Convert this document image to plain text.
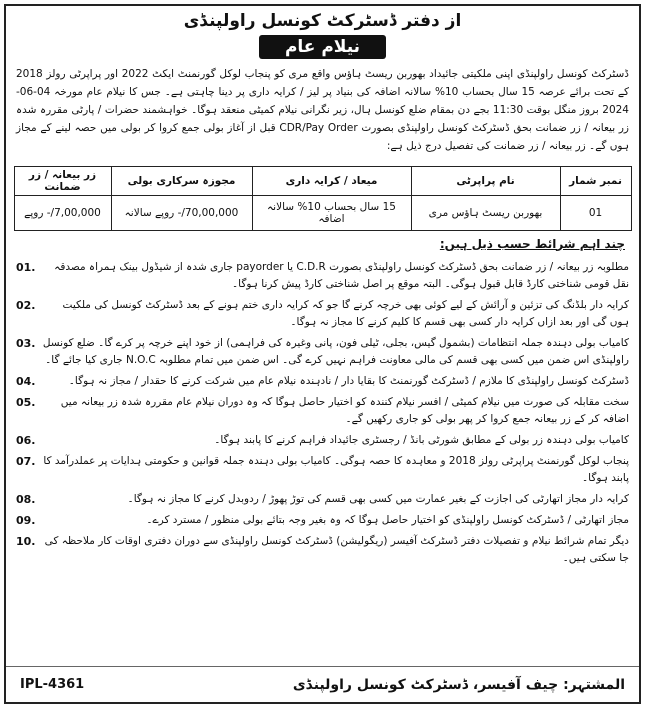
از دفتر ڈسٹرکٹ کونسل راولپنڈی
نیلام عام

ڈسٹرکٹ کونسل راولپنڈی اپنی ملکیتی جائیداد بھوربن ریسٹ ہاؤس واقع مری کو پنجاب لوکل گورنمنٹ ایکٹ 2022 اور پراپرٹی رولز 2018 کے تحت برائے عرصہ 15 سال بحساب 10% سالانہ اضافہ کی بنیاد پر لیز / کرایہ داری پر دینا چاہتی ہے۔ جس کا نیلام عام مورخہ 04-06-2024 بروز منگل بوقت 11:30 بجے دن بمقام ضلع کونسل ہال، زیر نگرانی نیلام کمیٹی منعقد ہوگا۔ خواہشمند حضرات / پارٹی مقررہ شدہ زر بیعانہ / زر ضمانت بحق ڈسٹرکٹ کونسل راولپنڈی بصورت CDR/Pay Order قبل از آغاز بولی جمع کروا کر بولی میں حصہ لینے کے مجاز ہوں گے۔ زر بیعانہ / زر ضمانت کی تفصیل درج ذیل ہے:

نمبر شمار	نام پراپرٹی	میعاد / کرایہ داری	مجوزہ سرکاری بولی	زر بیعانہ / زر ضمانت
01	بھوربن ریسٹ ہاؤس مری	15 سال بحساب 10% سالانہ اضافہ	70,00,000/- روپے سالانہ	7,00,000/- روپے
چند اہم شرائط حسب ذیل ہیں:
01.	مطلوبہ زر بیعانہ / زر ضمانت بحق ڈسٹرکٹ کونسل راولپنڈی بصورت C.D.R یا payorder جاری شدہ از شیڈول بینک ہمراہ مصدقہ نقل قومی شناختی کارڈ قابل قبول ہوگی۔ البتہ موقع پر اصل شناختی کارڈ پیش کرنا ہوگا۔
02.	کرایہ دار بلڈنگ کی تزئین و آرائش کے لیے کوئی بھی خرچہ کرنے گا جو کہ کرایہ داری ختم ہونے کے بعد ڈسٹرکٹ کونسل کی ملکیت ہوں گی اور بعد ازاں کرایہ دار کسی بھی قسم کا کلیم کرنے کا مجاز نہ ہوگا۔
03. کامیاب بولی دہندہ جملہ انتظامات (بشمول گیس، بجلی، ٹیلی فون، پانی وغیرہ کی فراہمی) از خود اپنے خرچہ پر کرے گا۔ ضلع کونسل راولپنڈی اس ضمن میں کسی بھی قسم کی مالی معاونت فراہم نہیں کرے گی۔ اس ضمن میں تمام مطلوبہ N.O.C جاری کیا جائے گا۔
04.	ڈسٹرکٹ کونسل راولپنڈی کا ملازم / ڈسٹرکٹ گورنمنٹ کا بقایا دار / نادہندہ نیلام عام میں شرکت کرنے کا حقدار / مجاز نہ ہوگا۔
05.	سخت مقابلہ کی صورت میں نیلام کمیٹی / افسر نیلام کنندہ کو اختیار حاصل ہوگا کہ وہ دوران نیلام عام مقررہ شدہ زر بیعانہ میں اضافہ کر کے زر بیعانہ جمع کروا کر پھر بولی کو جاری رکھیں گے۔
06.	کامیاب بولی دہندہ زر بولی کے مطابق شورٹی بانڈ / رجسٹری جائیداد فراہم کرنے کا پابند ہوگا۔
07. پنجاب لوکل گورنمنٹ پراپرٹی رولز 2018 و معاہدہ کا حصہ ہوگی۔ کامیاب بولی دہندہ جملہ قوانین و حکومتی ہدایات پر عملدرآمد کا پابند ہوگا۔
08.	کرایہ دار مجاز اتھارٹی کی اجازت کے بغیر عمارت میں کسی بھی قسم کی توڑ پھوڑ / ردوبدل کرنے کا مجاز نہ ہوگا۔
09.	مجاز اتھارٹی / ڈسٹرکٹ کونسل راولپنڈی کو اختیار حاصل ہوگا کہ وہ بغیر وجہ بتائے بولی منظور / مسترد کرے۔
10. دیگر تمام شرائط نیلام و تفصیلات دفتر ڈسٹرکٹ آفیسر (ریگولیشن) ڈسٹرکٹ کونسل راولپنڈی سے دوران دفتری اوقات کار ملاحظہ کی جا سکتی ہیں۔
IPL-4361	المشتہر: چیف آفیسر، ڈسٹرکٹ کونسل راولپنڈی
